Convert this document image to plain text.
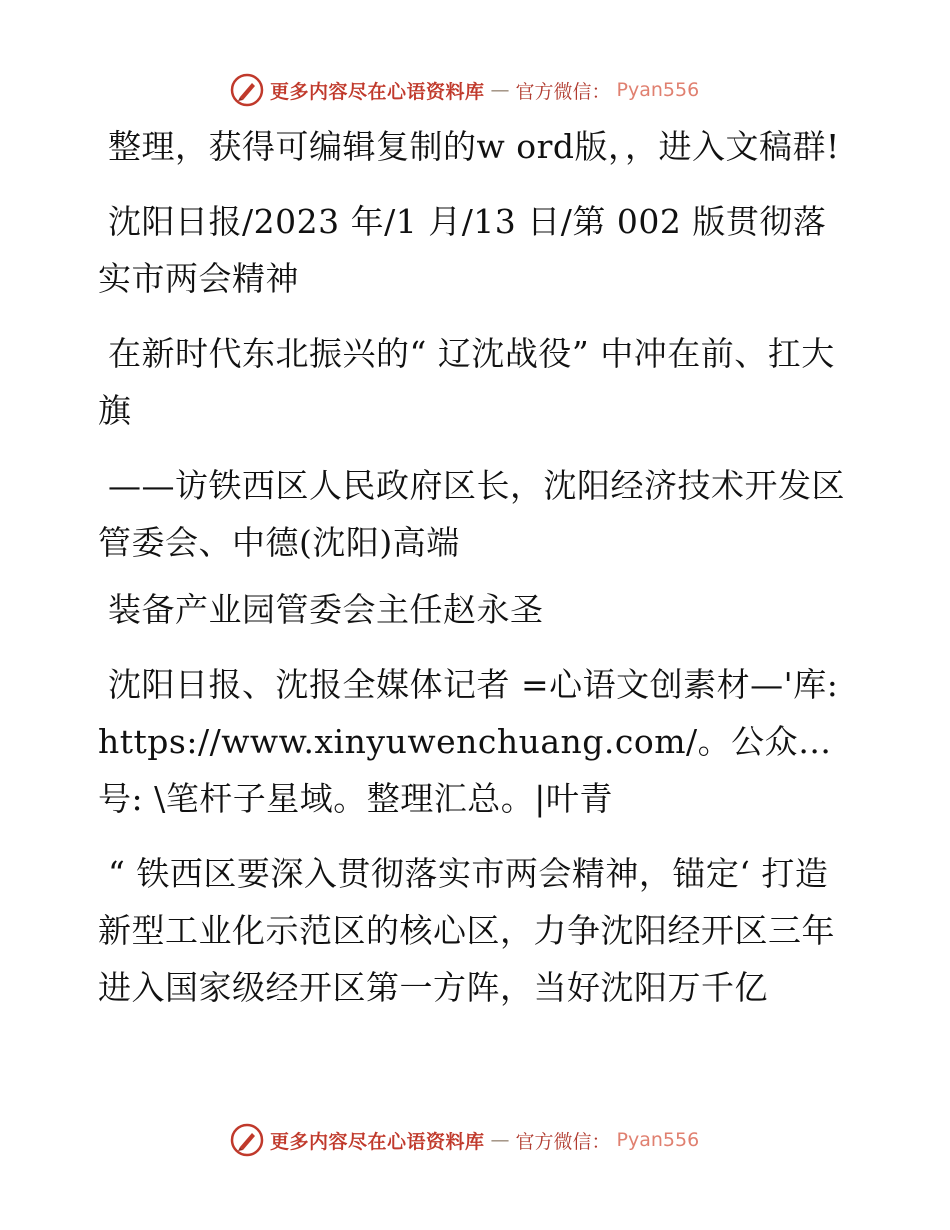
更多内容尽在心语资料库 — 官方微信： Pyan556

整理，获得可编辑复制的w ord版，，进入文稿群!

沈阳日报/2023 年/1 月/13 日/第 002 版贯彻落实市两会精神

在新时代东北振兴的“ 辽沈战役” 中冲在前、扛大旗

——访铁西区人民政府区长，沈阳经济技术开发区管委会、中德(沈阳)高端

装备产业园管委会主任赵永圣

沈阳日报、沈报全媒体记者 =心语文创素材—'库: https://www.xinyuwenchuang.com/。公众…号: \笔杆子星域。整理汇总。|叶青

“ 铁西区要深入贯彻落实市两会精神，锚定‘ 打造新型工业化示范区的核心区，力争沈阳经开区三年进入国家级经开区第一方阵，当好沈阳万千亿

更多内容尽在心语资料库 — 官方微信： Pyan556
